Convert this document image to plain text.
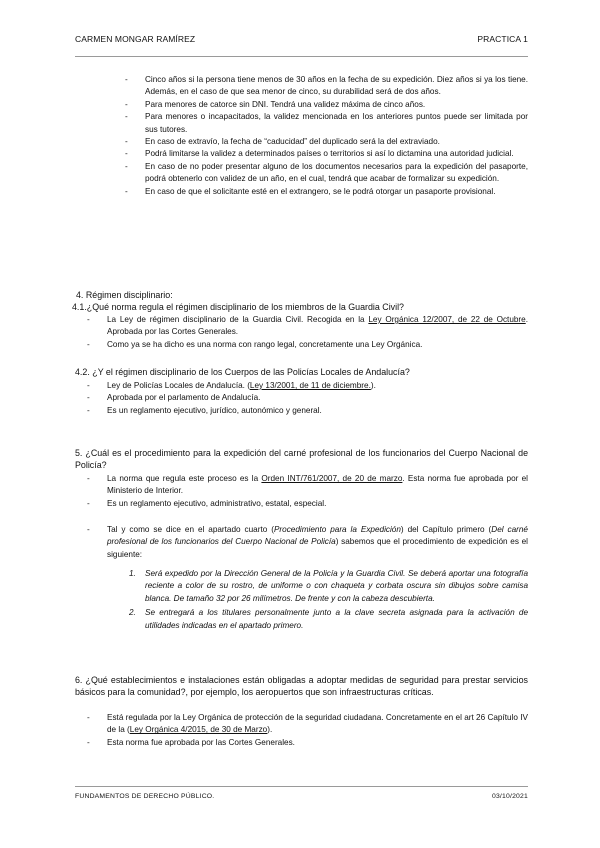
CARMEN MONGAR RAMÍREZ	PRACTICA 1
- Cinco años si la persona tiene menos de 30 años en la fecha de su expedición. Diez años si ya los tiene. Además, en el caso de que sea menor de cinco, su durabilidad será de dos años.
- Para menores de catorce sin DNI. Tendrá una validez máxima de cinco años.
- Para menores o incapacitados, la validez mencionada en los anteriores puntos puede ser limitada por sus tutores.
- En caso de extravío, la fecha de “caducidad” del duplicado será la del extraviado.
- Podrá limitarse la validez a determinados países o territorios si así lo dictamina una autoridad judicial.
- En caso de no poder presentar alguno de los documentos necesarios para la expedición del pasaporte, podrá obtenerlo con validez de un año, en el cual, tendrá que acabar de formalizar su expedición.
- En caso de que el solicitante esté en el extrangero, se le podrá otorgar un pasaporte provisional.
4. Régimen disciplinario:
4.1.¿Qué norma regula el régimen disciplinario de los miembros de la Guardia Civil?
- La Ley de régimen disciplinario de la Guardia Civil. Recogida en la Ley Orgánica 12/2007, de 22 de Octubre. Aprobada por las Cortes Generales.
- Como ya se ha dicho es una norma con rango legal, concretamente una Ley Orgánica.
4.2. ¿Y el régimen disciplinario de los Cuerpos de las Policías Locales de Andalucía?
- Ley de Policías Locales de Andalucía. (Ley 13/2001, de 11 de diciembre.).
- Aprobada por el parlamento de Andalucía.
- Es un reglamento ejecutivo, jurídico, autonómico y general.
5. ¿Cuál es el procedimiento para la expedición del carné profesional de los funcionarios del Cuerpo Nacional de Policía?
- La norma que regula este proceso es la Orden INT/761/2007, de 20 de marzo. Esta norma fue aprobada por el Ministerio de Interior.
- Es un reglamento ejecutivo, administrativo, estatal, especial.
- Tal y como se dice en el apartado cuarto (Procedimiento para la Expedición) del Capítulo primero (Del carné profesional de los funcionarios del Cuerpo Nacional de Policía) sabemos que el procedimiento de expedición es el siguiente:
1. Será expedido por la Dirección General de la Policía y la Guardia Civil. Se deberá aportar una fotografía reciente a color de su rostro, de uniforme o con chaqueta y corbata oscura sin dibujos sobre camisa blanca. De tamaño 32 por 26 milímetros. De frente y con la cabeza descubierta.
2. Se entregará a los titulares personalmente junto a la clave secreta asignada para la activación de utilidades indicadas en el apartado primero.
6. ¿Qué establecimientos e instalaciones están obligadas a adoptar medidas de seguridad para prestar servicios básicos para la comunidad?, por ejemplo, los aeropuertos que son infraestructuras críticas.
- Está regulada por la Ley Orgánica de protección de la seguridad ciudadana. Concretamente en el art 26 Capítulo IV de la (Ley Orgánica 4/2015, de 30 de Marzo).
- Esta norma fue aprobada por las Cortes Generales.
FUNDAMENTOS DE DERECHO PÚBLICO.	03/10/2021
